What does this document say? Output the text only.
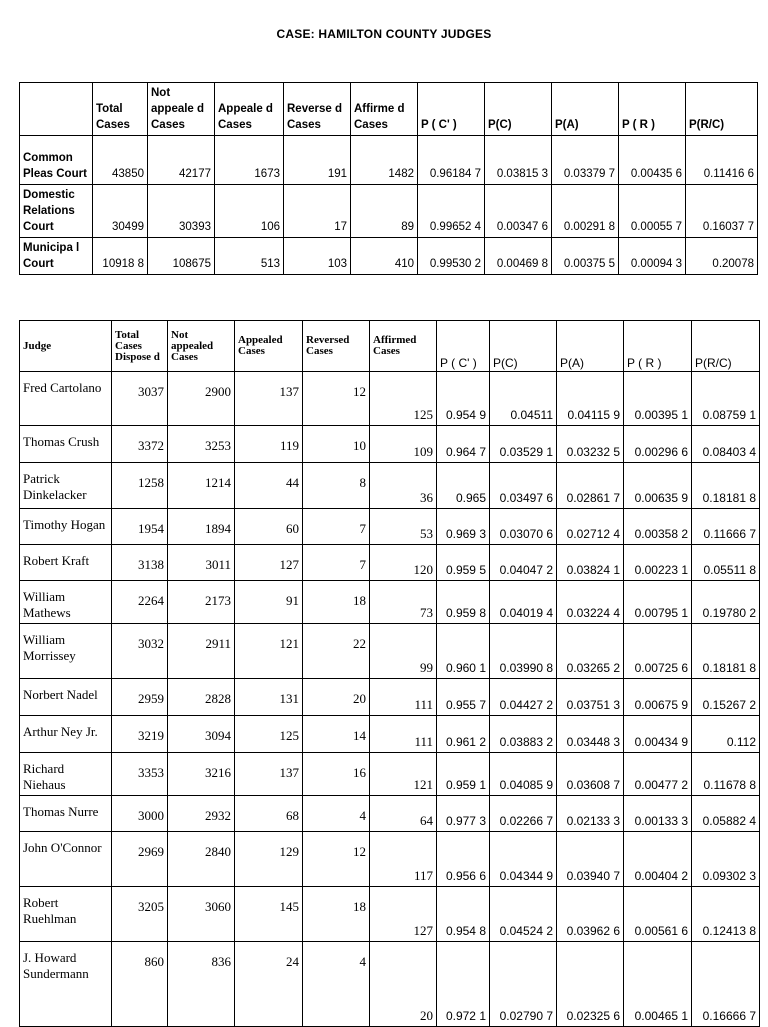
CASE: HAMILTON COUNTY JUDGES
	Total Cases	Not appeale d Cases	Appeale d Cases	Reverse d Cases	Affirme d Cases	P ( C' )	P(C)	P(A)	P ( R )	P(R/C)
Common Pleas Court	43850	42177	1673	191	1482	0.96184 7	0.03815 3	0.03379 7	0.00435 6	0.11416 6
Domestic Relations Court	30499	30393	106	17	89	0.99652 4	0.00347 6	0.00291 8	0.00055 7	0.16037 7
Municipa l Court	10918 8	108675	513	103	410	0.99530 2	0.00469 8	0.00375 5	0.00094 3	0.20078
Judge	Total Cases Dispose d	Not appealed Cases	Appealed Cases	Reversed Cases	Affirmed Cases	P ( C' )	P(C)	P(A)	P ( R )	P(R/C)
Fred Cartolano	3037	2900	137	12	125	0.954 9	0.04511	0.04115 9	0.00395 1	0.08759 1
Thomas Crush	3372	3253	119	10	109	0.964 7	0.03529 1	0.03232 5	0.00296 6	0.08403 4
Patrick Dinkelacker	1258	1214	44	8	36	0.965	0.03497 6	0.02861 7	0.00635 9	0.18181 8
Timothy Hogan	1954	1894	60	7	53	0.969 3	0.03070 6	0.02712 4	0.00358 2	0.11666 7
Robert Kraft	3138	3011	127	7	120	0.959 5	0.04047 2	0.03824 1	0.00223 1	0.05511 8
William Mathews	2264	2173	91	18	73	0.959 8	0.04019 4	0.03224 4	0.00795 1	0.19780 2
William Morrissey	3032	2911	121	22	99	0.960 1	0.03990 8	0.03265 2	0.00725 6	0.18181 8
Norbert Nadel	2959	2828	131	20	111	0.955 7	0.04427 2	0.03751 3	0.00675 9	0.15267 2
Arthur Ney Jr.	3219	3094	125	14	111	0.961 2	0.03883 2	0.03448 3	0.00434 9	0.112
Richard Niehaus	3353	3216	137	16	121	0.959 1	0.04085 9	0.03608 7	0.00477 2	0.11678 8
Thomas Nurre	3000	2932	68	4	64	0.977 3	0.02266 7	0.02133 3	0.00133 3	0.05882 4
John O'Connor	2969	2840	129	12	117	0.956 6	0.04344 9	0.03940 7	0.00404 2	0.09302 3
Robert Ruehlman	3205	3060	145	18	127	0.954 8	0.04524 2	0.03962 6	0.00561 6	0.12413 8
J. Howard Sundermann	860	836	24	4	20	0.972 1	0.02790 7	0.02325 6	0.00465 1	0.16666 7
